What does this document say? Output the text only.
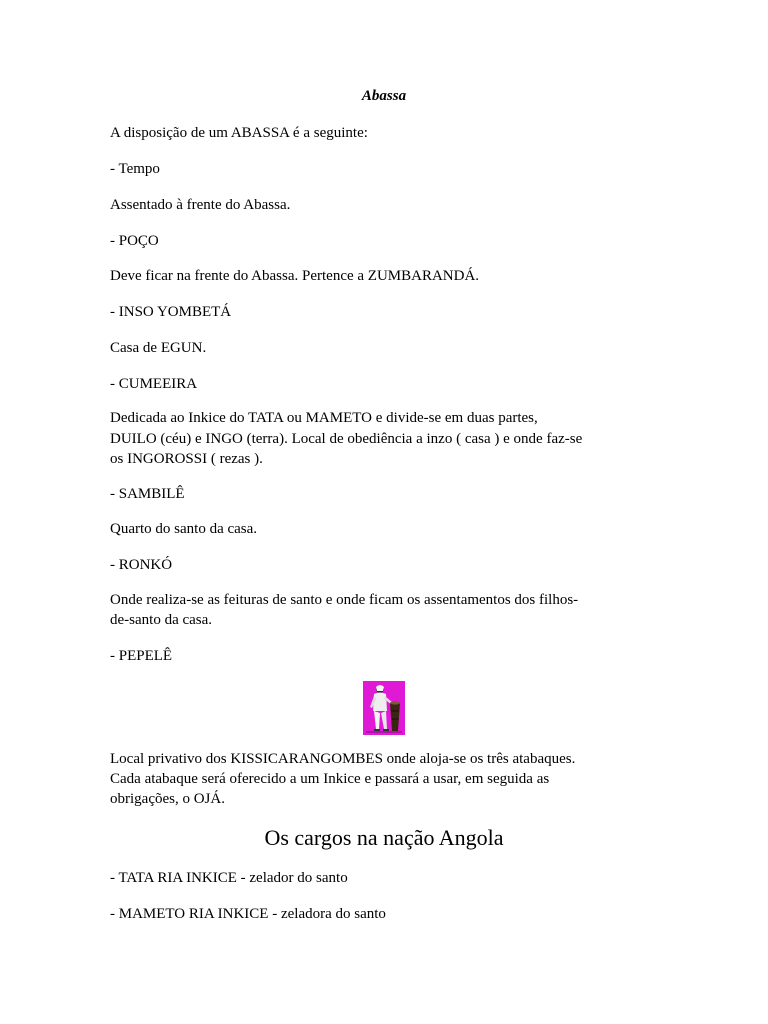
Abassa
A disposição de um ABASSA é a seguinte:
- Tempo
Assentado à frente do Abassa.
- POÇO
Deve ficar na frente do Abassa. Pertence a ZUMBARANDÁ.
- INSO YOMBETÁ
Casa de EGUN.
- CUMEEIRA
Dedicada ao Inkice do TATA ou MAMETO e divide-se em duas partes,
DUILO (céu) e INGO (terra). Local de obediência a inzo ( casa ) e onde faz-se
os INGOROSSI ( rezas ).
- SAMBILÊ
Quarto do santo da casa.
- RONKÓ
Onde realiza-se as feituras de santo e onde ficam os assentamentos dos filhos-
de-santo da casa.
- PEPELÊ
Local privativo dos KISSICARANGOMBES onde aloja-se os três atabaques.
Cada atabaque será oferecido a um Inkice e passará a usar, em seguida as
obrigações, o OJÁ.
Os cargos na nação Angola
- TATA RIA INKICE - zelador do santo
- MAMETO RIA INKICE - zeladora do santo
